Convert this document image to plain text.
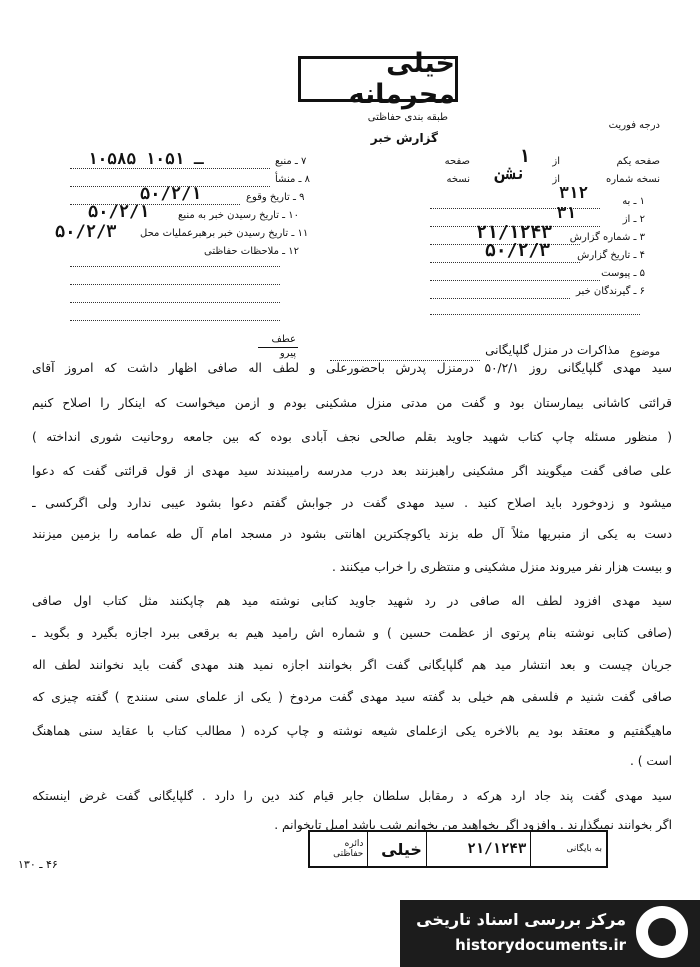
خیلی محرمانه
طبقه بندی حفاظتی
گزارش خبر
درجه فوریت
صفحه یکم
از
صفحه	۱
نسخه شماره
از
نسخه نشن
۱ ـ به
۳۱۲
۲ ـ از
۳۱
۳ ـ شماره گزارش
۲۱/۱۲۴۳
۴ ـ تاریخ گزارش
۵۰/۲/۳
۵ ـ پیوست
۶ ـ گیرندگان خبر
۷ ـ منبع
۱۰۵۸۵ ـ ۱۰۵۱
۸ ـ منشأ
۹ ـ تاریخ وقوع
۵۰/۲/۱
۱۰ ـ تاریخ رسیدن خبر به منبع
۵۰/۲/۱
۱۱ ـ تاریخ رسیدن خبر برهبرعملیات محل
۵۰/۲/۳
۱۲ ـ ملاحظات حفاظتی
عطف
پیرو	موضوع
مذاکرات در منزل گلپایگانی
سید مهدی گلپایگانی روز ۵۰/۲/۱ درمنزل پدرش باحضورعلی و لطف اله صافی اظهار داشت که امروز آقای
قرائتی کاشانی بیمارستان بود و گفت من مدتی منزل مشکینی بودم و ازمن میخواست که اینکار را اصلاح کنیم
( منظور مسئله چاپ کتاب شهید جاوید بقلم صالحی نجف آبادی بوده که بین جامعه روحانیت شوری انداخته )
علی صافی گفت میگویند اگر مشکینی راهبزنند بعد درب مدرسه رامیبندند سید مهدی از قول قرائتی گفت که دعوا
میشود و زدوخورد باید اصلاح کنید . سید مهدی گفت در جوابش گفتم دعوا بشود عیبی ندارد ولی اگرکسی ـ
دست به یکی از منبریها مثلاً آل طه بزند یاکوچکترین اهانتی بشود در مسجد امام آل طه عمامه را بزمین میزنند
و بیست هزار نفر میروند منزل مشکینی و منتظری را خراب میکنند .
سید مهدی افزود لطف اله صافی در رد شهید جاوید کتابی نوشته مید هم چاپکنند مثل کتاب اول صافی
(صافی کتابی نوشته بنام پرتوی از عظمت حسین ) و شماره اش رامید هیم به برقعی ببرد اجازه بگیرد و بگوید ـ
جریان چیست و بعد انتشار مید هم گلپایگانی گفت اگر بخوانند اجازه نمید هند مهدی گفت باید نخوانند لطف اله
صافی گفت شنید م فلسفی هم خیلی بد گفته سید مهدی گفت مردوخ ( یکی از علمای سنی سنندج ) گفته چیزی که
ماهیگفتیم و معتقد بود یم بالاخره یکی ازعلمای شیعه نوشته و چاپ کرده ( مطالب کتاب با عقاید سنی هماهنگ
است ) .
سید مهدی گفت پند جاد ارد هرکه د رمقابل سلطان جابر قیام کند دین را دارد . گلپایگانی گفت غرض اینستکه
اگر بخوانند نمیگذارند . وافزود اگر بخواهید من بخوانم شب باشد امیل تابخوانم .
به بایگانی
۲۱/۱۲۴۳
خیلی
دائره حفاظتی
۴۶ ـ ۱۳۰
مرکز بررسی اسناد تاریخی
historydocuments.ir
